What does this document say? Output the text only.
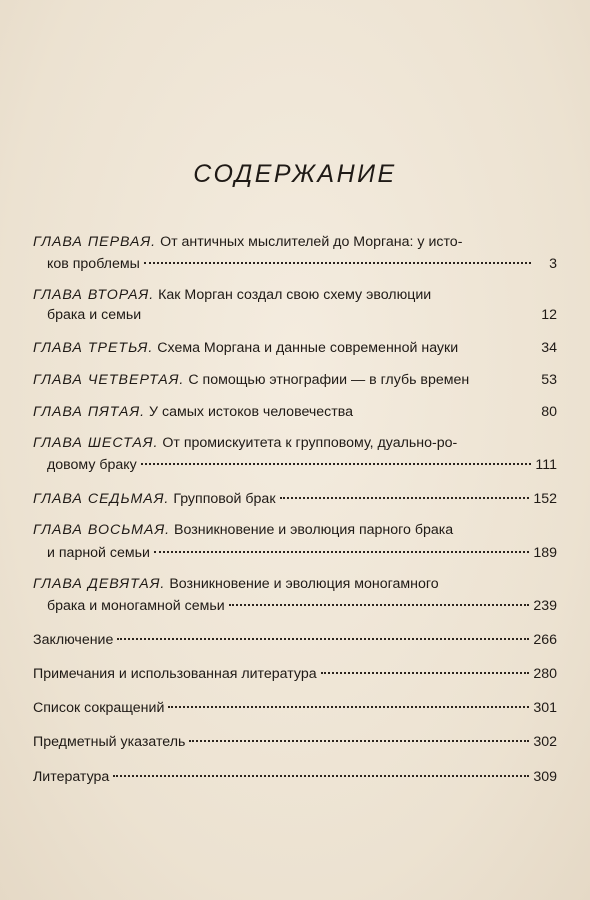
СОДЕРЖАНИЕ
ГЛАВА ПЕРВАЯ. От античных мыслителей до Моргана: у исто-
ков проблемы	3
ГЛАВА ВТОРАЯ. Как Морган создал свою схему эволюции
брака и семьи	12
ГЛАВА ТРЕТЬЯ. Схема Моргана и данные современной науки	34
ГЛАВА ЧЕТВЕРТАЯ. С помощью этнографии — в глубь времен	53
ГЛАВА ПЯТАЯ. У самых истоков человечества	80
ГЛАВА ШЕСТАЯ. От промискуитета к групповому, дуально-ро-
довому браку	111
ГЛАВА СЕДЬМАЯ. Групповой брак	152
ГЛАВА ВОСЬМАЯ. Возникновение и эволюция парного брака
и парной семьи	189
ГЛАВА ДЕВЯТАЯ. Возникновение и эволюция моногамного
брака и моногамной семьи	239
Заключение	266
Примечания и использованная литература	280
Список сокращений	301
Предметный указатель	302
Литература	309
